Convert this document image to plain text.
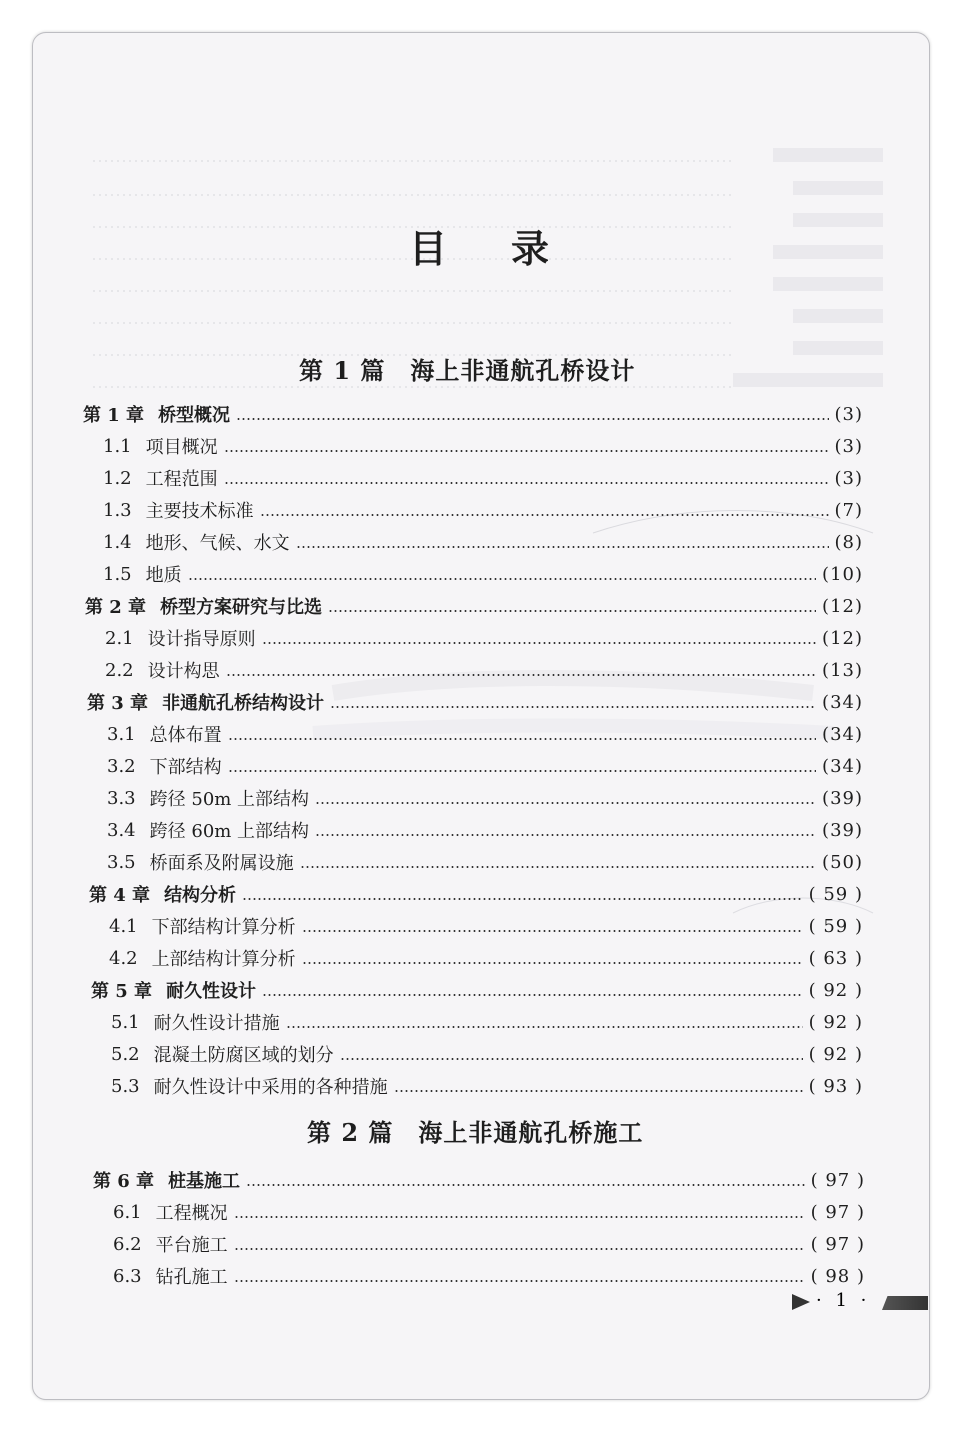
目 录
第 1 篇　海上非通航孔桥设计
第 1 章 桥型概况	(3)
1.1 项目概况	(3)
1.2 工程范围	(3)
1.3 主要技术标准	(7)
1.4 地形、气候、水文	(8)
1.5 地质	(10)
第 2 章 桥型方案研究与比选	(12)
2.1 设计指导原则	(12)
2.2 设计构思	(13)
第 3 章 非通航孔桥结构设计	(34)
3.1 总体布置	(34)
3.2 下部结构	(34)
3.3 跨径 50m 上部结构	(39)
3.4 跨径 60m 上部结构	(39)
3.5 桥面系及附属设施	(50)
第 4 章 结构分析	( 59 )
4.1 下部结构计算分析	( 59 )
4.2 上部结构计算分析	( 63 )
第 5 章 耐久性设计	( 92 )
5.1 耐久性设计措施	( 92 )
5.2 混凝土防腐区域的划分	( 92 )
5.3 耐久性设计中采用的各种措施	( 93 )
第 2 篇　海上非通航孔桥施工
第 6 章 桩基施工	( 97 )
6.1 工程概况	( 97 )
6.2 平台施工	( 97 )
6.3 钻孔施工	( 98 )
· 1 ·
